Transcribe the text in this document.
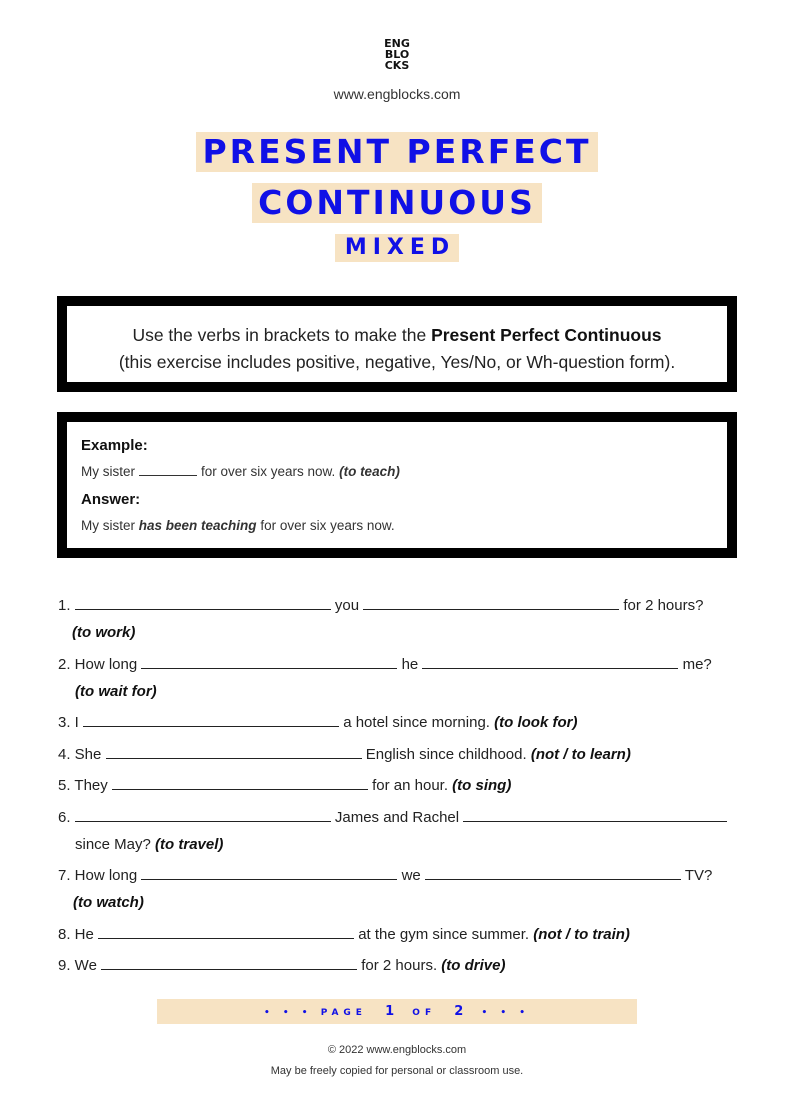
ENG
BLO
CKS
www.engblocks.com
PRESENT PERFECT
CONTINUOUS
MIXED
Use the verbs in brackets to make the Present Perfect Continuous
(this exercise includes positive, negative, Yes/No, or Wh-question form).
Example:
My sister	for over six years now. (to teach)
Answer:
My sister has been teaching for over six years now.
1.	you	for 2 hours?
(to work)
2. How long	he	me?
(to wait for)
3. I	a hotel since morning. (to look for)
4. She	English since childhood. (not / to learn)
5. They	for an hour. (to sing)
6.	James and Rachel
since May? (to travel)
7. How long	we	TV?
(to watch)
8. He	at the gym since summer. (not / to train)
9. We	for 2 hours. (to drive)
• • • PAGE 1 OF 2 • • •
© 2022 www.engblocks.com
May be freely copied for personal or classroom use.
